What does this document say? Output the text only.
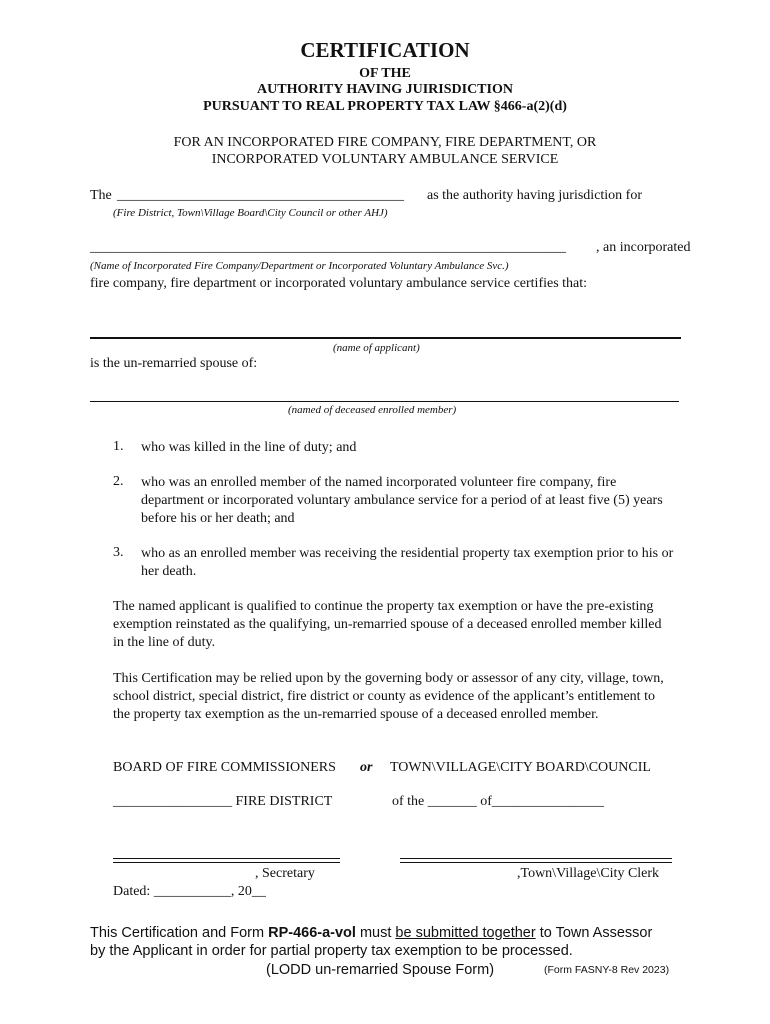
CERTIFICATION
OF THE
AUTHORITY HAVING JUIRISDICTION
PURSUANT TO REAL PROPERTY TAX LAW §466-a(2)(d)
FOR AN INCORPORATED FIRE COMPANY, FIRE DEPARTMENT, OR
INCORPORATED VOLUNTARY AMBULANCE SERVICE
The _________________________________________ as the authority having jurisdiction for
(Fire District, Town\Village Board\City Council or other AHJ)
____________________________________________________________________ , an incorporated
(Name of Incorporated Fire Company/Department or Incorporated Voluntary Ambulance Svc.)
fire company, fire department or incorporated voluntary ambulance service certifies that:
(name of applicant)
is the un-remarried spouse of:
(named of deceased enrolled member)
1. who was killed in the line of duty; and
2. who was an enrolled member of the named incorporated volunteer fire company, fire department or incorporated voluntary ambulance service for a period of at least five (5) years before his or her death; and
3. who as an enrolled member was receiving the residential property tax exemption prior to his or her death.
The named applicant is qualified to continue the property tax exemption or have the pre-existing exemption reinstated as the qualifying, un-remarried spouse of a deceased enrolled member killed in the line of duty.
This Certification may be relied upon by the governing body or assessor of any city, village, town, school district, special district, fire district or county as evidence of the applicant’s entitlement to the property tax exemption as the un-remarried spouse of a deceased enrolled member.
BOARD OF FIRE COMMISSIONERS or TOWN\VILLAGE\CITY BOARD\COUNCIL
_________________ FIRE DISTRICT	of the _______ of________________
, Secretary	,Town\Village\City Clerk
Dated: ___________, 20__
This Certification and Form RP-466-a-vol must be submitted together to Town Assessor
by the Applicant in order for partial property tax exemption to be processed.
(LODD un-remarried Spouse Form)	(Form FASNY-8 Rev 2023)
